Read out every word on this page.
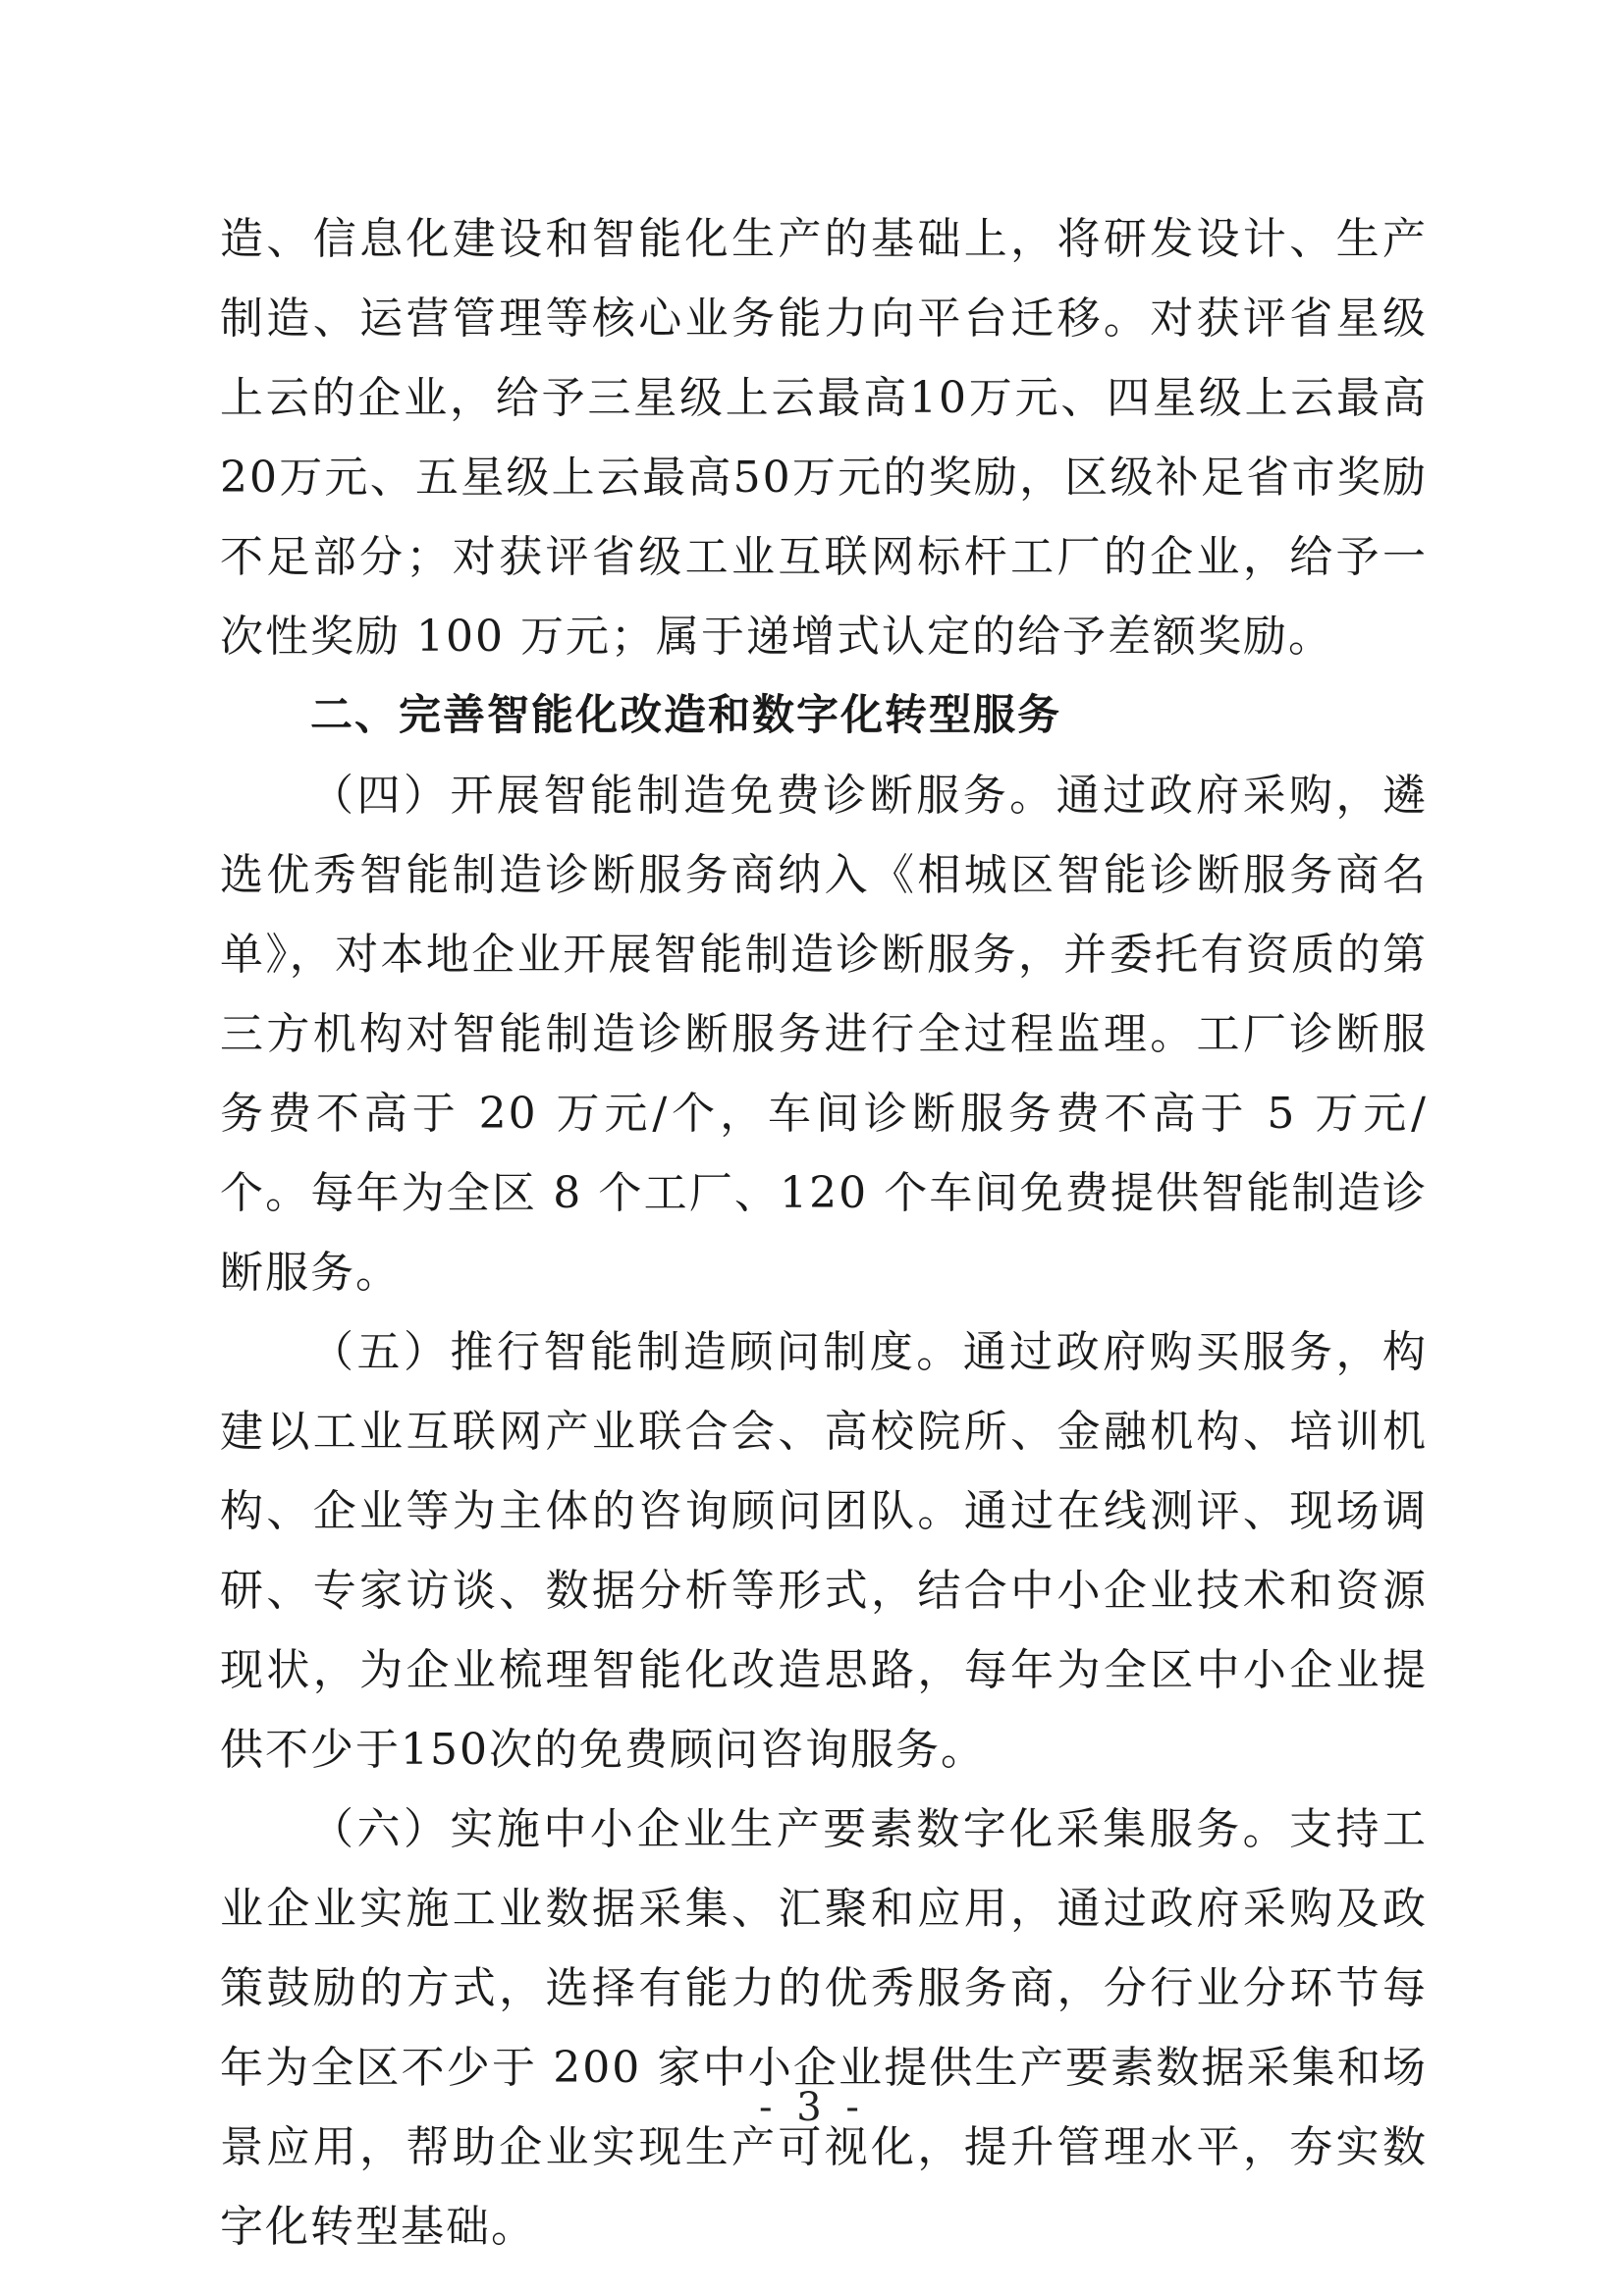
造、信息化建设和智能化生产的基础上，将研发设计、生产制造、运营管理等核心业务能力向平台迁移。对获评省星级上云的企业，给予三星级上云最高10万元、四星级上云最高20万元、五星级上云最高50万元的奖励，区级补足省市奖励不足部分；对获评省级工业互联网标杆工厂的企业，给予一次性奖励 100 万元；属于递增式认定的给予差额奖励。

二、完善智能化改造和数字化转型服务

（四）开展智能制造免费诊断服务。通过政府采购，遴选优秀智能制造诊断服务商纳入《相城区智能诊断服务商名单》，对本地企业开展智能制造诊断服务，并委托有资质的第三方机构对智能制造诊断服务进行全过程监理。工厂诊断服务费不高于 20 万元/个，车间诊断服务费不高于 5 万元/个。每年为全区 8 个工厂、120 个车间免费提供智能制造诊断服务。

（五）推行智能制造顾问制度。通过政府购买服务，构建以工业互联网产业联合会、高校院所、金融机构、培训机构、企业等为主体的咨询顾问团队。通过在线测评、现场调研、专家访谈、数据分析等形式，结合中小企业技术和资源现状，为企业梳理智能化改造思路，每年为全区中小企业提供不少于150次的免费顾问咨询服务。

（六）实施中小企业生产要素数字化采集服务。支持工业企业实施工业数据采集、汇聚和应用，通过政府采购及政策鼓励的方式，选择有能力的优秀服务商，分行业分环节每年为全区不少于 200 家中小企业提供生产要素数据采集和场景应用，帮助企业实现生产可视化，提升管理水平，夯实数字化转型基础。

- 3 -
